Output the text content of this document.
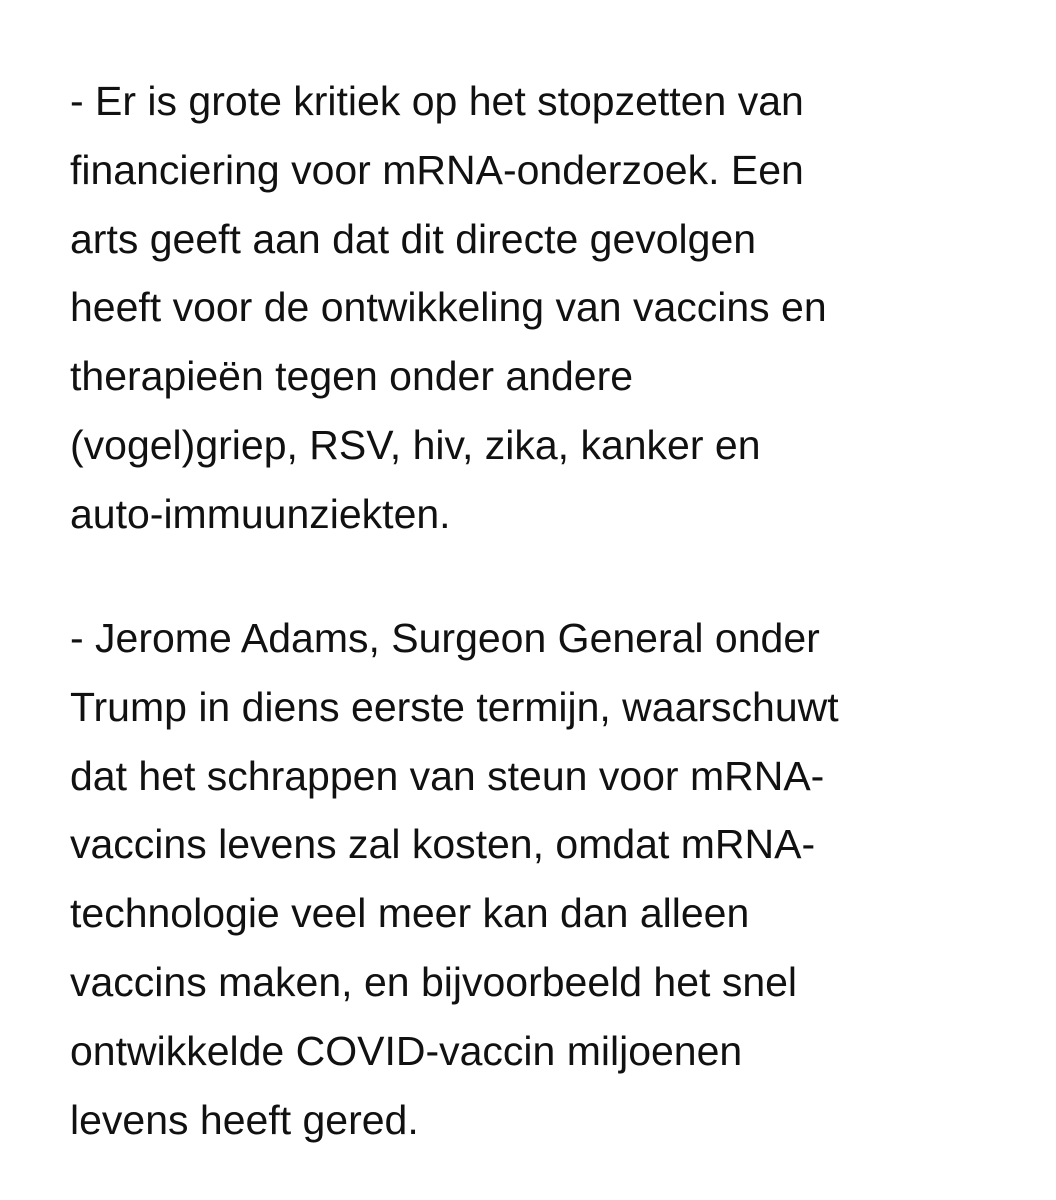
- Er is grote kritiek op het stopzetten van
financiering voor mRNA-onderzoek. Een
arts geeft aan dat dit directe gevolgen
heeft voor de ontwikkeling van vaccins en
therapieën tegen onder andere
(vogel)griep, RSV, hiv, zika, kanker en
auto-immuunziekten.
- Jerome Adams, Surgeon General onder
Trump in diens eerste termijn, waarschuwt
dat het schrappen van steun voor mRNA-
vaccins levens zal kosten, omdat mRNA-
technologie veel meer kan dan alleen
vaccins maken, en bijvoorbeeld het snel
ontwikkelde COVID-vaccin miljoenen
levens heeft gered.
